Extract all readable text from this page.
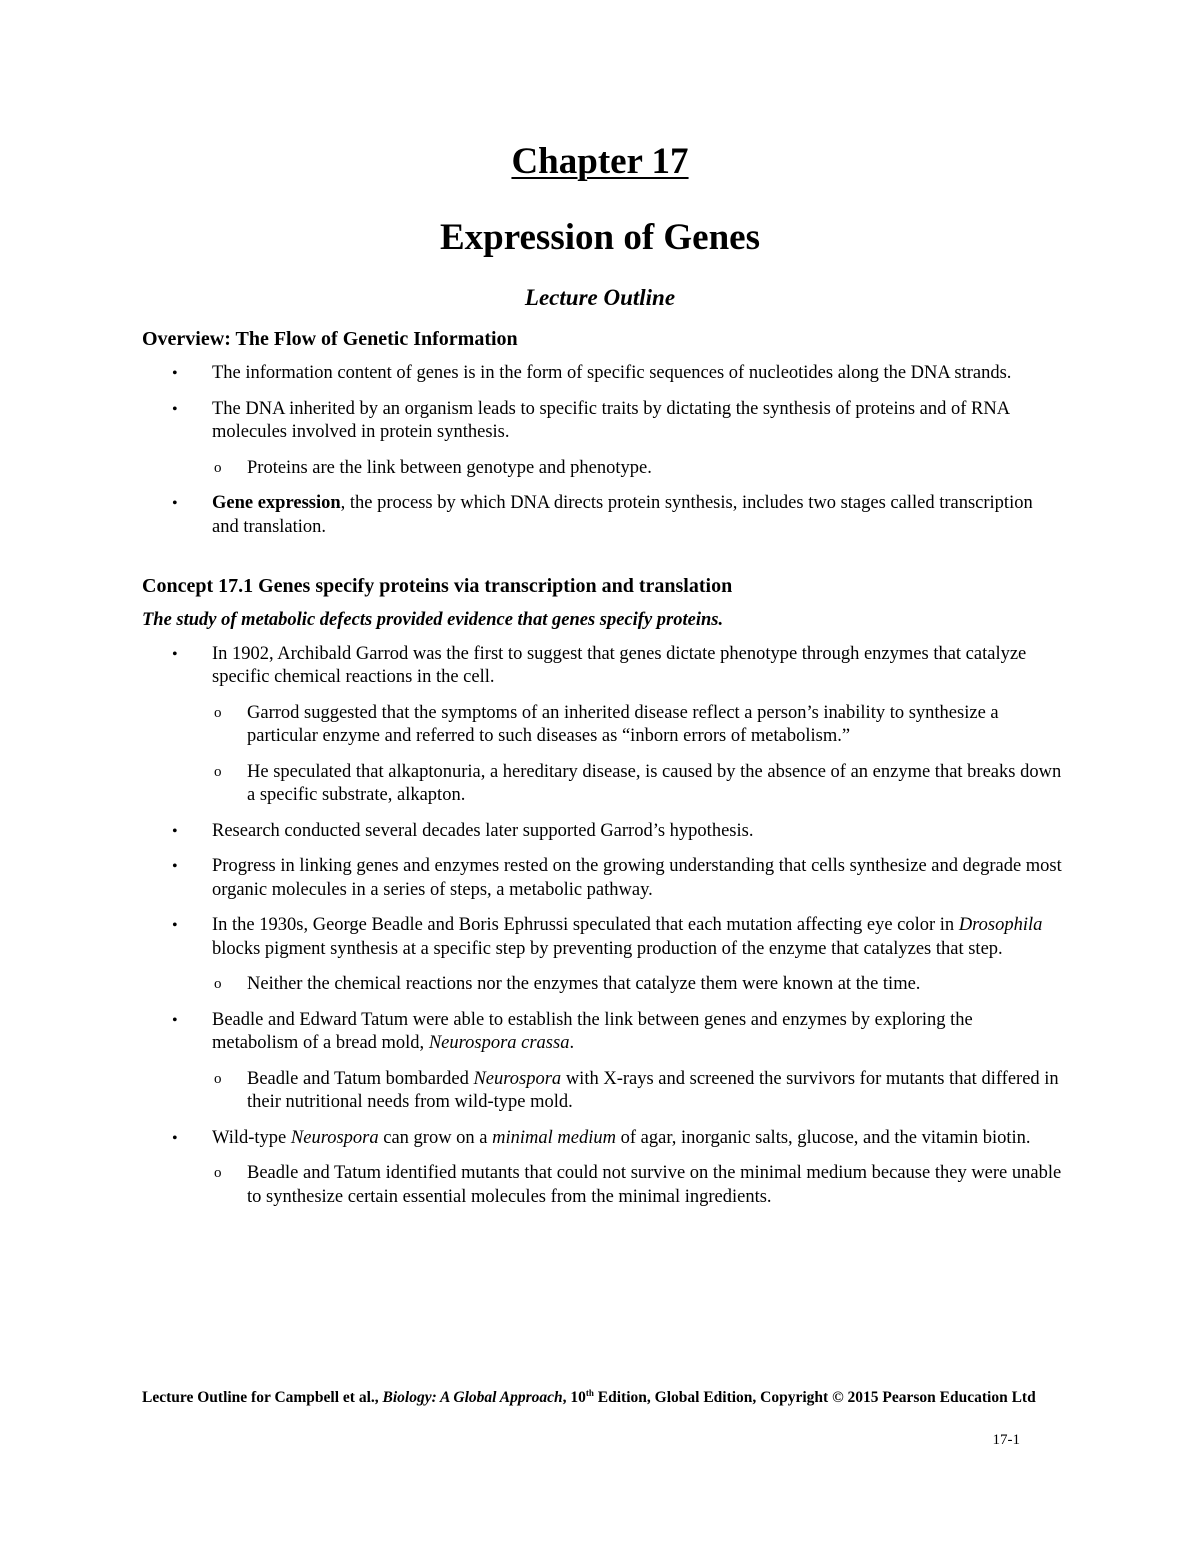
Chapter 17
Expression of Genes
Lecture Outline
Overview: The Flow of Genetic Information
• The information content of genes is in the form of specific sequences of nucleotides along the DNA strands.
• The DNA inherited by an organism leads to specific traits by dictating the synthesis of proteins and of RNA molecules involved in protein synthesis.
o Proteins are the link between genotype and phenotype.
• Gene expression, the process by which DNA directs protein synthesis, includes two stages called transcription and translation.
Concept 17.1 Genes specify proteins via transcription and translation
The study of metabolic defects provided evidence that genes specify proteins.
• In 1902, Archibald Garrod was the first to suggest that genes dictate phenotype through enzymes that catalyze specific chemical reactions in the cell.
o Garrod suggested that the symptoms of an inherited disease reflect a person’s inability to synthesize a particular enzyme and referred to such diseases as “inborn errors of metabolism.”
o He speculated that alkaptonuria, a hereditary disease, is caused by the absence of an enzyme that breaks down a specific substrate, alkapton.
• Research conducted several decades later supported Garrod’s hypothesis.
• Progress in linking genes and enzymes rested on the growing understanding that cells synthesize and degrade most organic molecules in a series of steps, a metabolic pathway.
• In the 1930s, George Beadle and Boris Ephrussi speculated that each mutation affecting eye color in Drosophila blocks pigment synthesis at a specific step by preventing production of the enzyme that catalyzes that step.
o Neither the chemical reactions nor the enzymes that catalyze them were known at the time.
• Beadle and Edward Tatum were able to establish the link between genes and enzymes by exploring the metabolism of a bread mold, Neurospora crassa.
o Beadle and Tatum bombarded Neurospora with X-rays and screened the survivors for mutants that differed in their nutritional needs from wild-type mold.
• Wild-type Neurospora can grow on a minimal medium of agar, inorganic salts, glucose, and the vitamin biotin.
o Beadle and Tatum identified mutants that could not survive on the minimal medium because they were unable to synthesize certain essential molecules from the minimal ingredients.
Lecture Outline for Campbell et al., Biology: A Global Approach, 10th Edition, Global Edition, Copyright © 2015 Pearson Education Ltd
17-1
